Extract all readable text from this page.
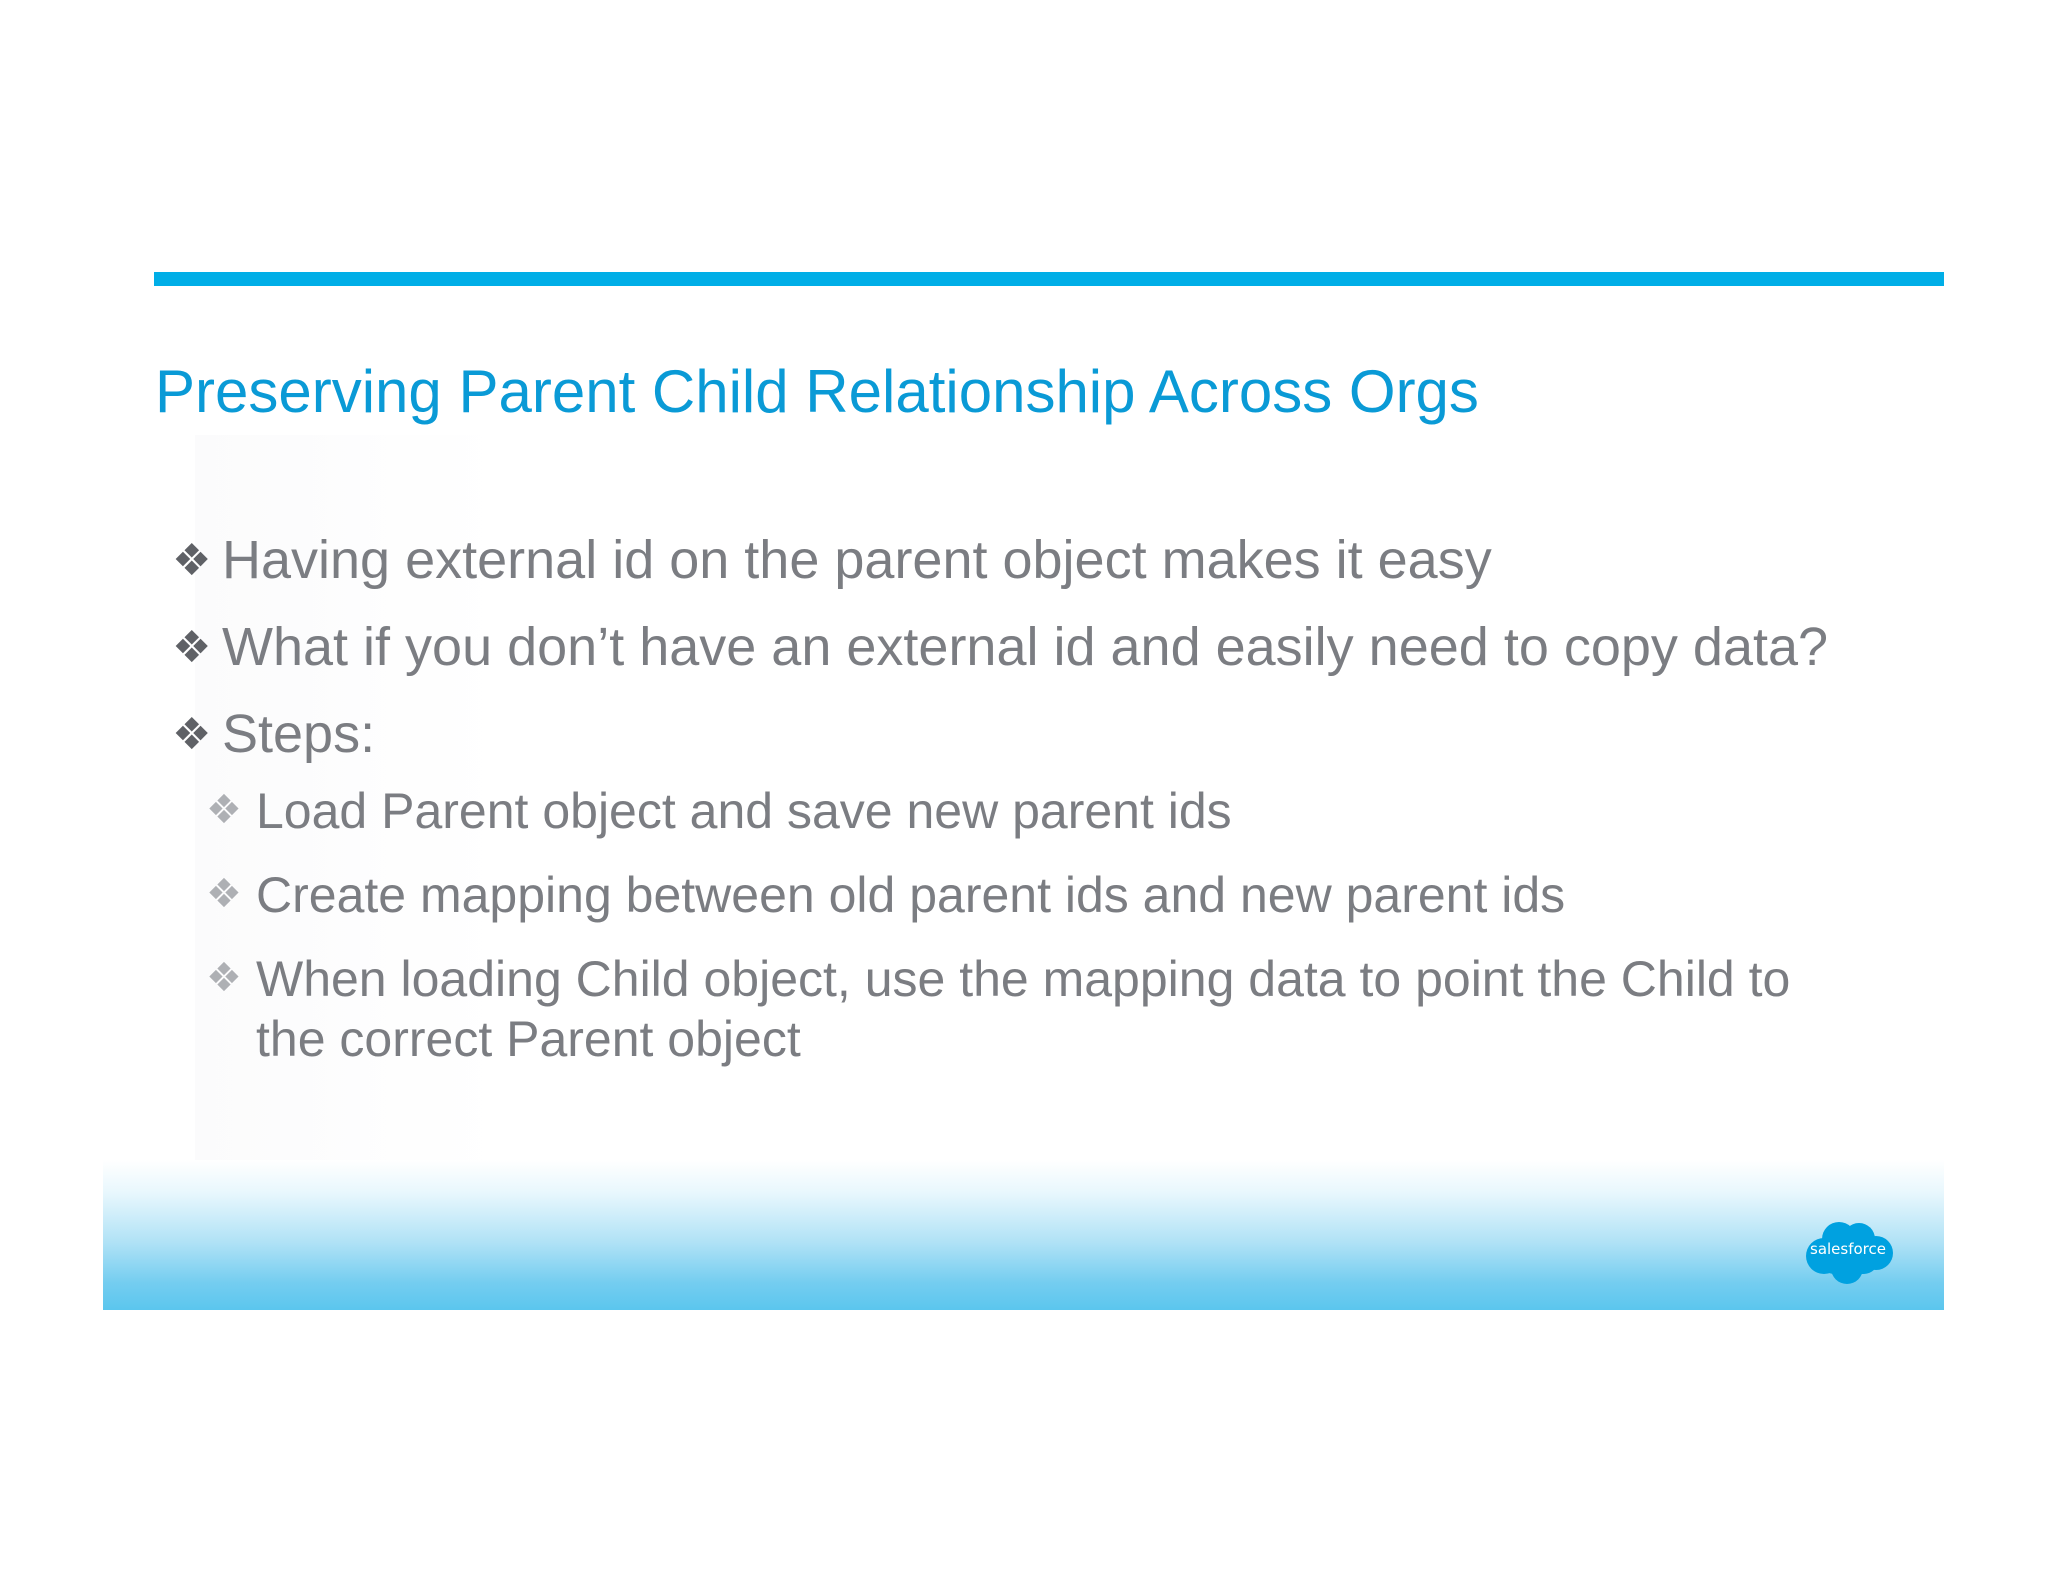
Preserving Parent Child Relationship Across Orgs
❖ Having external id on the parent object makes it easy
❖ What if you don’t have an external id and easily need to copy data?
❖ Steps:
❖ Load Parent object and save new parent ids
❖ Create mapping between old parent ids and new parent ids
❖ When loading Child object, use the mapping data to point the Child to the correct Parent object
salesforce
